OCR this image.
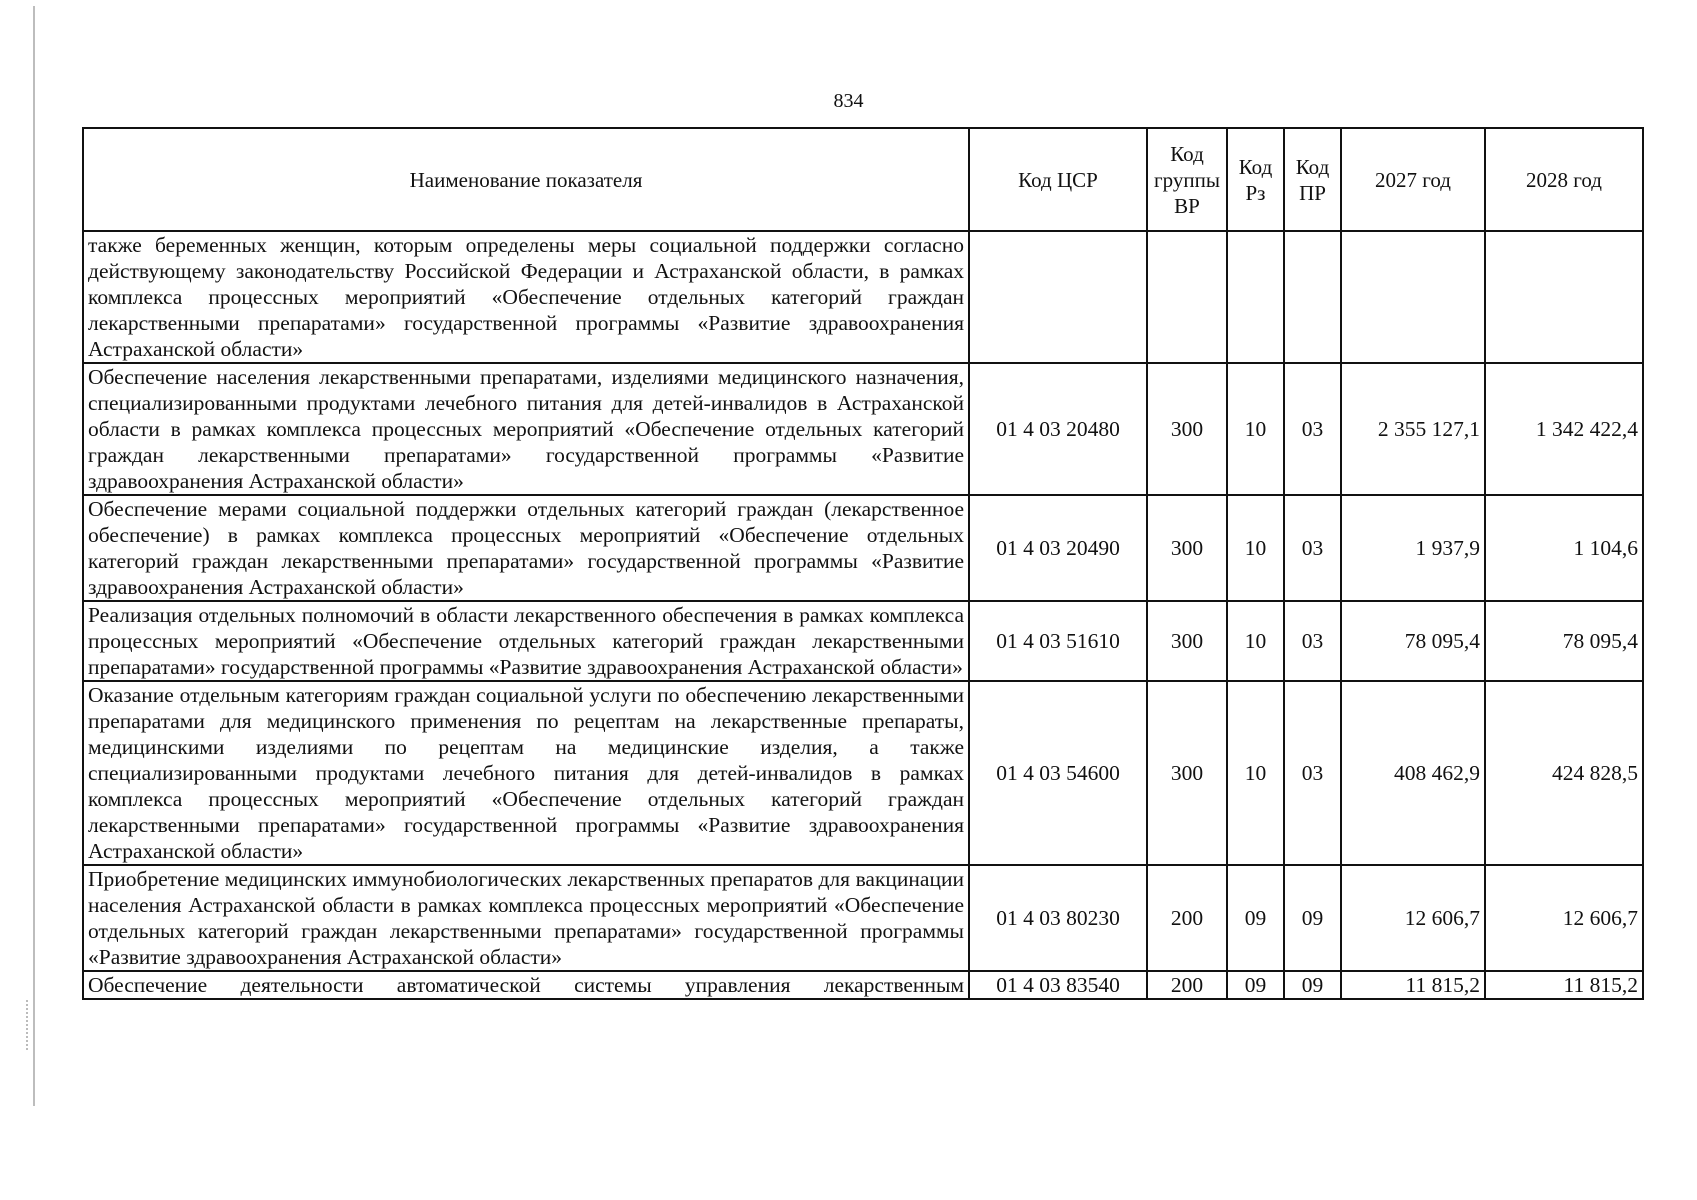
834
Наименование показателя	Код ЦСР	Код группы ВР	Код Рз	Код ПР	2027 год	2028 год
также беременных женщин, которым определены меры социальной поддержки согласно действующему законодательству Российской Федерации и Астраханской области, в рамках комплекса процессных мероприятий «Обеспечение отдельных категорий граждан лекарственными препаратами» государственной программы «Развитие здравоохранения Астраханской области»						
Обеспечение населения лекарственными препаратами, изделиями медицинского назначения, специализированными продуктами лечебного питания для детей-инвалидов в Астраханской области в рамках комплекса процессных мероприятий «Обеспечение отдельных категорий граждан лекарственными препаратами» государственной программы «Развитие здравоохранения Астраханской области»	01 4 03 20480	300	10	03	2 355 127,1	1 342 422,4
Обеспечение мерами социальной поддержки отдельных категорий граждан (лекарственное обеспечение) в рамках комплекса процессных мероприятий «Обеспечение отдельных категорий граждан лекарственными препаратами» государственной программы «Развитие здравоохранения Астраханской области»	01 4 03 20490	300	10	03	1 937,9	1 104,6
Реализация отдельных полномочий в области лекарственного обеспечения в рамках комплекса процессных мероприятий «Обеспечение отдельных категорий граждан лекарственными препаратами» государственной программы «Развитие здравоохранения Астраханской области»	01 4 03 51610	300	10	03	78 095,4	78 095,4
Оказание отдельным категориям граждан социальной услуги по обеспечению лекарственными препаратами для медицинского применения по рецептам на лекарственные препараты, медицинскими изделиями по рецептам на медицинские изделия, а также специализированными продуктами лечебного питания для детей-инвалидов в рамках комплекса процессных мероприятий «Обеспечение отдельных категорий граждан лекарственными препаратами» государственной программы «Развитие здравоохранения Астраханской области»	01 4 03 54600	300	10	03	408 462,9	424 828,5
Приобретение медицинских иммунобиологических лекарственных препаратов для вакцинации населения Астраханской области в рамках комплекса процессных мероприятий «Обеспечение отдельных категорий граждан лекарственными препаратами» государственной программы «Развитие здравоохранения Астраханской области»	01 4 03 80230	200	09	09	12 606,7	12 606,7
Обеспечение деятельности автоматической системы управления лекарственным	01 4 03 83540	200	09	09	11 815,2	11 815,2
